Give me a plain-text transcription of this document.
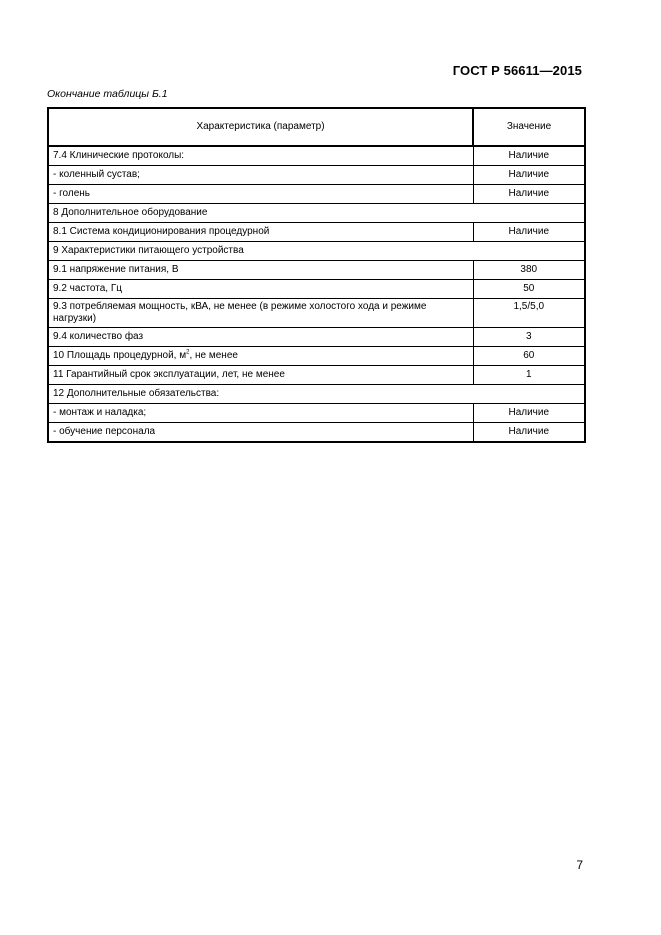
ГОСТ Р 56611—2015
Окончание таблицы Б.1
Характеристика (параметр)	Значение
7.4 Клинические протоколы:	Наличие
- коленный сустав;	Наличие
- голень	Наличие
8 Дополнительное оборудование	
8.1 Система кондиционирования процедурной	Наличие
9 Характеристики питающего устройства	
9.1 напряжение питания, В	380
9.2 частота, Гц	50
9.3 потребляемая мощность, кВА, не менее (в режиме холостого хода и режиме нагрузки)	1,5/5,0
9.4 количество фаз	3
10 Площадь процедурной, $м^2$, не менее	60
11 Гарантийный срок эксплуатации, лет, не менее	1
12 Дополнительные обязательства:	
- монтаж и наладка;	Наличие
- обучение персонала	Наличие
7
